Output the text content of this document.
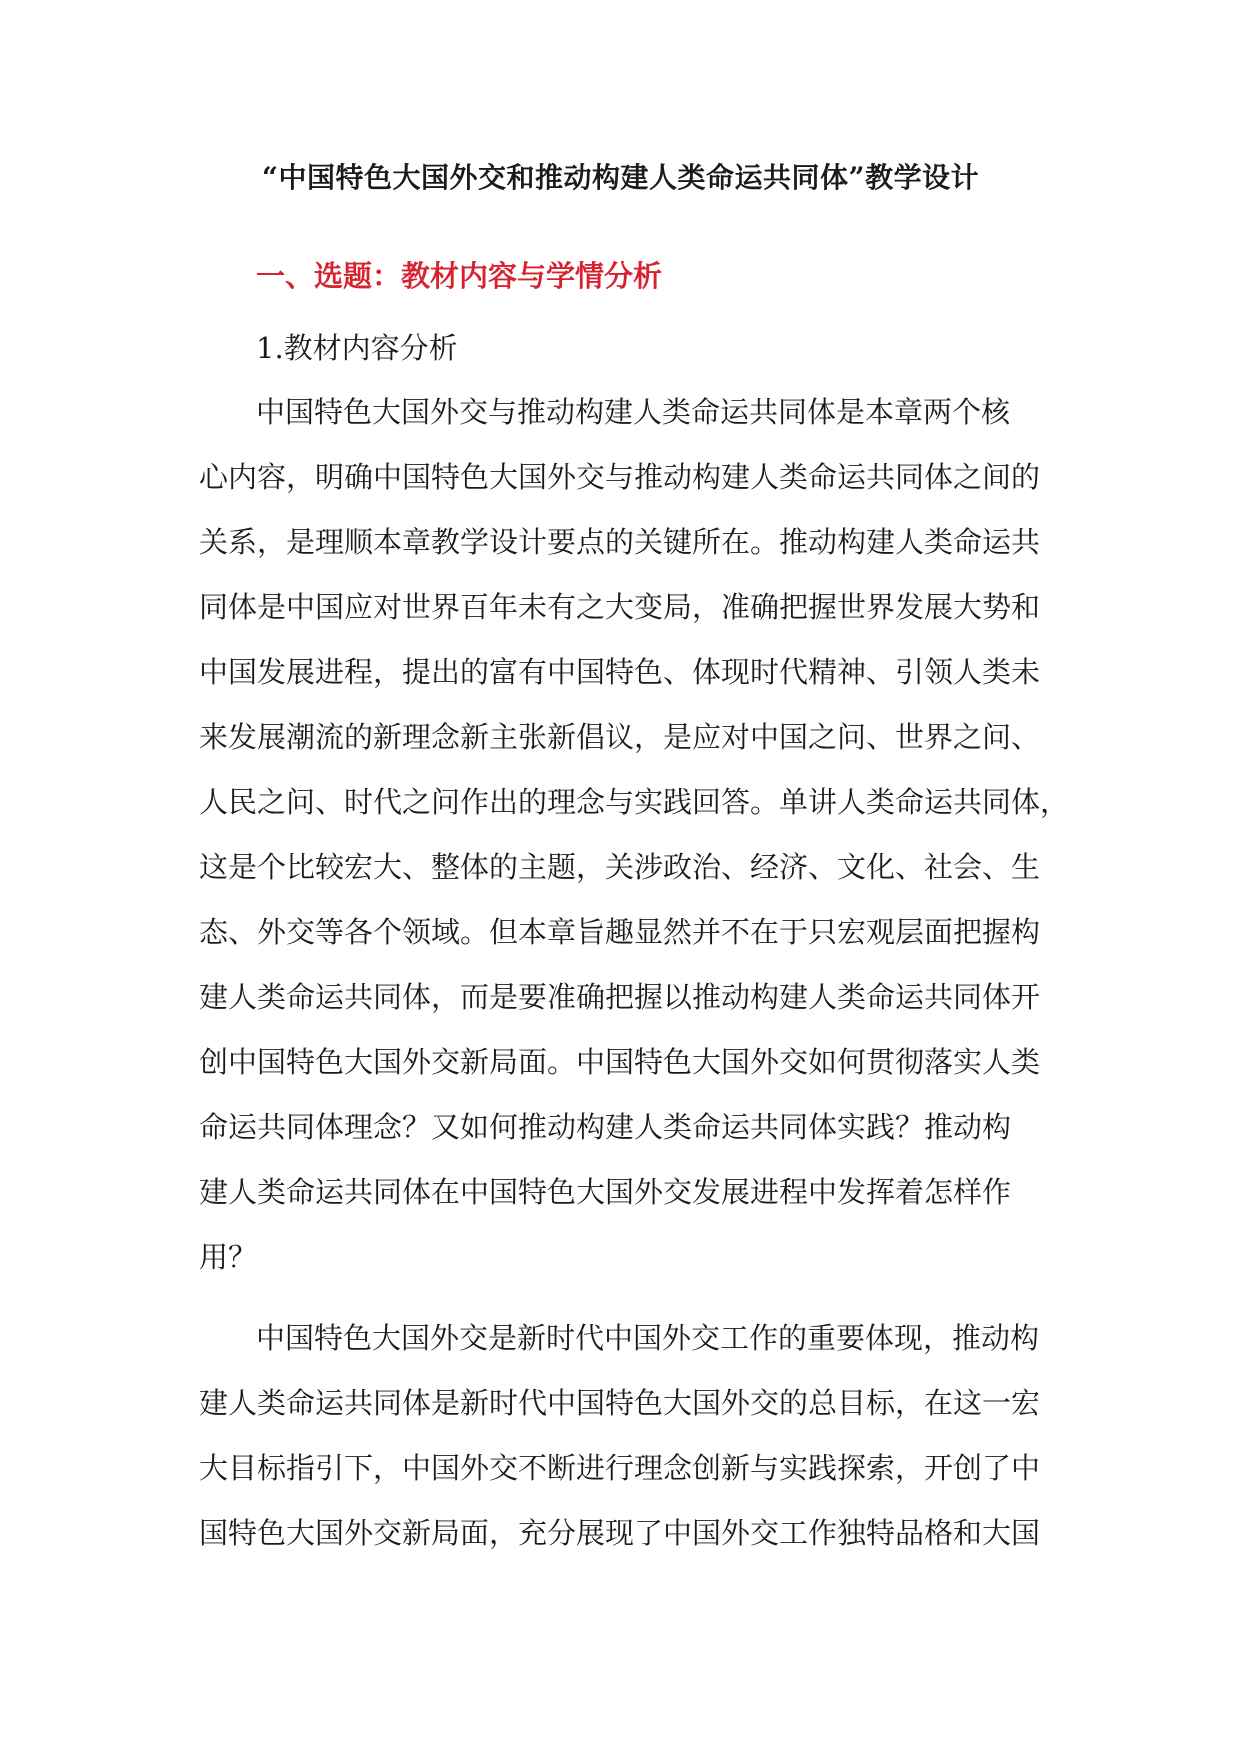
“中国特色大国外交和推动构建人类命运共同体”教学设计
一、选题：教材内容与学情分析
1.教材内容分析
中国特色大国外交与推动构建人类命运共同体是本章两个核
心内容，明确中国特色大国外交与推动构建人类命运共同体之间的
关系，是理顺本章教学设计要点的关键所在。推动构建人类命运共
同体是中国应对世界百年未有之大变局，准确把握世界发展大势和
中国发展进程，提出的富有中国特色、体现时代精神、引领人类未
来发展潮流的新理念新主张新倡议，是应对中国之问、世界之问、
人民之问、时代之问作出的理念与实践回答。单讲人类命运共同体，
这是个比较宏大、整体的主题，关涉政治、经济、文化、社会、生
态、外交等各个领域。但本章旨趣显然并不在于只宏观层面把握构
建人类命运共同体，而是要准确把握以推动构建人类命运共同体开
创中国特色大国外交新局面。中国特色大国外交如何贯彻落实人类
命运共同体理念？又如何推动构建人类命运共同体实践？推动构
建人类命运共同体在中国特色大国外交发展进程中发挥着怎样作
用？
中国特色大国外交是新时代中国外交工作的重要体现，推动构
建人类命运共同体是新时代中国特色大国外交的总目标，在这一宏
大目标指引下，中国外交不断进行理念创新与实践探索，开创了中
国特色大国外交新局面，充分展现了中国外交工作独特品格和大国
